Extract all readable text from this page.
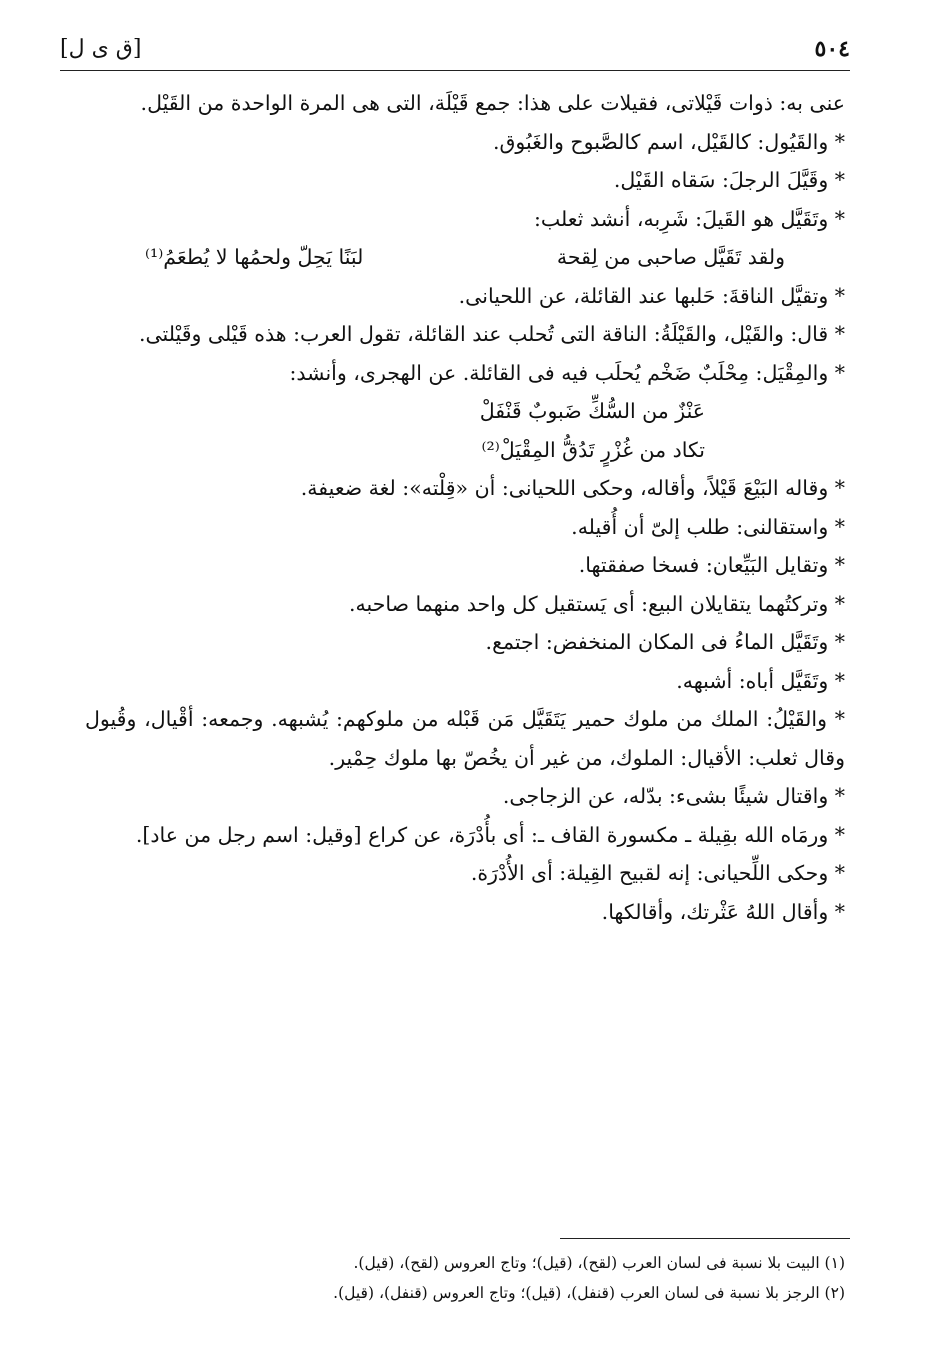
٥٠٤
[ق ى ل]

عنى به: ذوات قَيْلاتى، فقيلات على هذا: جمع قَيْلَة، التى هى المرة الواحدة من القَيْل.

* والقَيُول: كالقَيْل، اسم كالصَّبوح والغَبُوق.

* وقَيَّلَ الرجلَ: سَقاه القَيْل.

* وتَقَيَّل هو القَيلَ: شَرِبه، أنشد ثعلب:

ولقد تَقَيَّل صاحبى من لِقحة
لبَنًا يَحِلّ ولحمُها لا يُطعَمُ⁽¹⁾

* وتقيَّل الناقةَ: حَلبها عند القائلة، عن اللحيانى.

* قال: والقَيْل، والقَيْلَةُ: الناقة التى تُحلب عند القائلة، تقول العرب: هذه قَيْلى وقَيْلتى.

* والمِقْيَل: مِحْلَبٌ ضَخْم يُحلَب فيه فى القائلة. عن الهجرى، وأنشد:

عَنْزٌ من السُّكِّ ضَبوبٌ قَنْفَلْ
تكاد من غُزْرٍ تَدُقُّ المِقْيَلْ⁽²⁾

* وقاله البَيْعَ قَيْلاً، وأقاله، وحكى اللحيانى: أن «قِلْته»: لغة ضعيفة.

* واستقالنى: طلب إلىّ أن أُقيله.

* وتقايل البَيِّعان: فسخا صفقتها.

* وتركتُهما يتقايلان البيع: أى يَستقيل كل واحد منهما صاحبه.

* وتَقَيَّل الماءُ فى المكان المنخفض: اجتمع.

* وتَقَيَّل أباه: أشبهه.

* والقَيْلُ: الملك من ملوك حمير يَتَقَيَّل مَن قَبْله من ملوكهم: يُشبهه. وجمعه: أقْيال، وقُيول وقال ثعلب: الأقيال: الملوك، من غير أن يخُصّ بها ملوك حِمْير.

* واقتال شيئًا بشىء: بدّله، عن الزجاجى.

* ورمَاه الله بقِيلة ـ مكسورة القاف ـ: أى بأُدْرَة، عن كراع [وقيل: اسم رجل من عاد].

* وحكى اللِّحيانى: إنه لقبيح القِيلة: أى الأُدْرَة.

* وأقال اللهُ عَثْرتك، وأقالكها.

(١) البيت بلا نسبة فى لسان العرب (لقح)، (قيل)؛ وتاج العروس (لقح)، (قيل).

(٢) الرجز بلا نسبة فى لسان العرب (قنفل)، (قيل)؛ وتاج العروس (قنفل)، (قيل).
